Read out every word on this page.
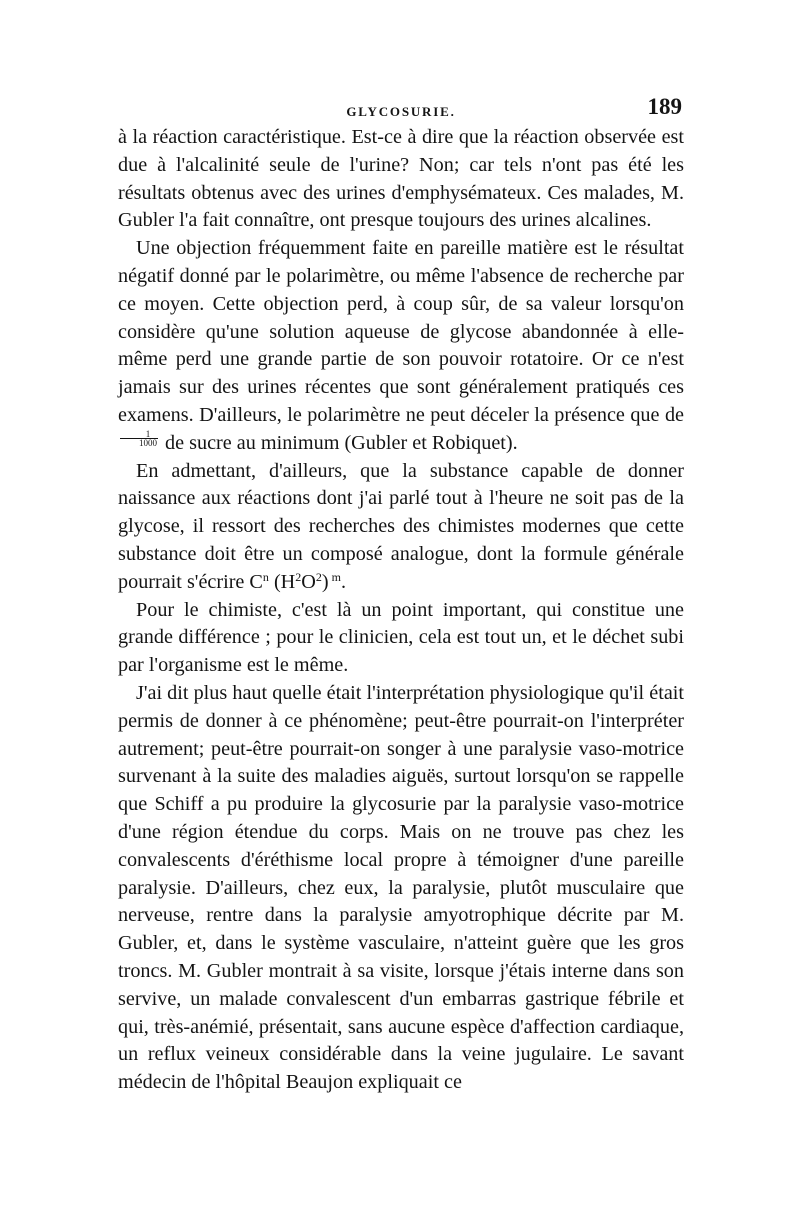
GLYCOSURIE.	189

à la réaction caractéristique. Est-ce à dire que la réaction observée est due à l'alcalinité seule de l'urine? Non; car tels n'ont pas été les résultats obtenus avec des urines d'emphysémateux. Ces malades, M. Gubler l'a fait connaître, ont presque toujours des urines alcalines.

Une objection fréquemment faite en pareille matière est le résultat négatif donné par le polarimètre, ou même l'absence de recherche par ce moyen. Cette objection perd, à coup sûr, de sa valeur lorsqu'on considère qu'une solution aqueuse de glycose abandonnée à elle-même perd une grande partie de son pouvoir rotatoire. Or ce n'est jamais sur des urines récentes que sont généralement pratiqués ces examens. D'ailleurs, le polarimètre ne peut déceler la présence que de
$\frac{1}{1000}$ de sucre au minimum (Gubler et Robiquet).

En admettant, d'ailleurs, que la substance capable de donner naissance aux réactions dont j'ai parlé tout à l'heure ne soit pas de la glycose, il ressort des recherches des chimistes modernes que cette substance doit être un composé analogue, dont la formule générale pourrait s'écrire $C^n$ $(H^2O^2)$ $^m$.

Pour le chimiste, c'est là un point important, qui constitue une grande différence ; pour le clinicien, cela est tout un, et le déchet subi par l'organisme est le même.

J'ai dit plus haut quelle était l'interprétation physiologique qu'il était permis de donner à ce phénomène; peut-être pourrait-on l'interpréter autrement; peut-être pourrait-on songer à une paralysie vaso-motrice survenant à la suite des maladies aiguës, surtout lorsqu'on se rappelle que Schiff a pu produire la glycosurie par la paralysie vaso-motrice d'une région étendue du corps. Mais on ne trouve pas chez les convalescents d'éréthisme local propre à témoigner d'une pareille paralysie. D'ailleurs, chez eux, la paralysie, plutôt musculaire que nerveuse, rentre dans la paralysie amyotrophique décrite par M. Gubler, et, dans le système vasculaire, n'atteint guère que les gros troncs. M. Gubler montrait à sa visite, lorsque j'étais interne dans son servive, un malade convalescent d'un embarras gastrique fébrile et qui, très-anémié, présentait, sans aucune espèce d'affection cardiaque, un reflux veineux considérable dans la veine jugulaire. Le savant médecin de l'hôpital Beaujon expliquait ce
